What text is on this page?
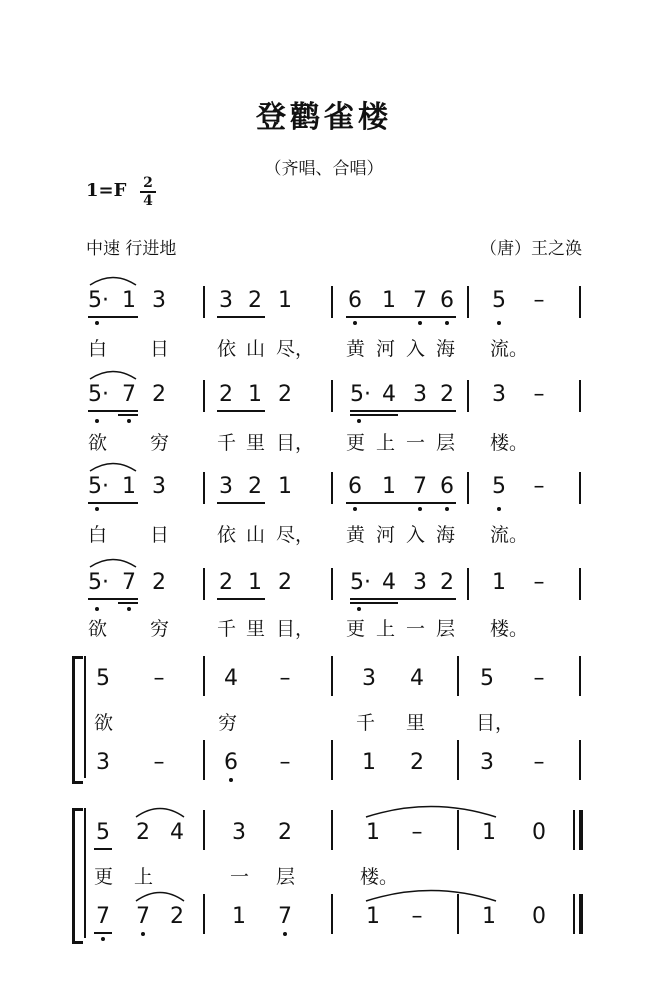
登鹳雀楼
（齐唱、合唱）
1=F 2
4
中速 行进地	（唐）王之涣
5· 1 3 3 2 1	6 1 7 6 5 –
白 日	依 山 尽， 黄 河 入 海 流。
5· 7 2 2 1 2	5· 4 3 2 3 –
欲 穷	千 里 目， 更 上 一 层 楼。
5· 1 3 3 2 1	6 1 7 6 5 –
白 日	依 山 尽， 黄 河 入 海 流。
5· 7 2 2 1 2	5· 4 3 2 1 –
欲 穷	千 里 目， 更 上 一 层 楼。
5 –	4 –	3 4	5 –
欲	穷	千 里	目，
3 –	6 –	1 2	3 –
5 2 4 3 2	1 –	1 0
更 上	一 层	楼。
7 7 2 1 7	1 –	1 0
